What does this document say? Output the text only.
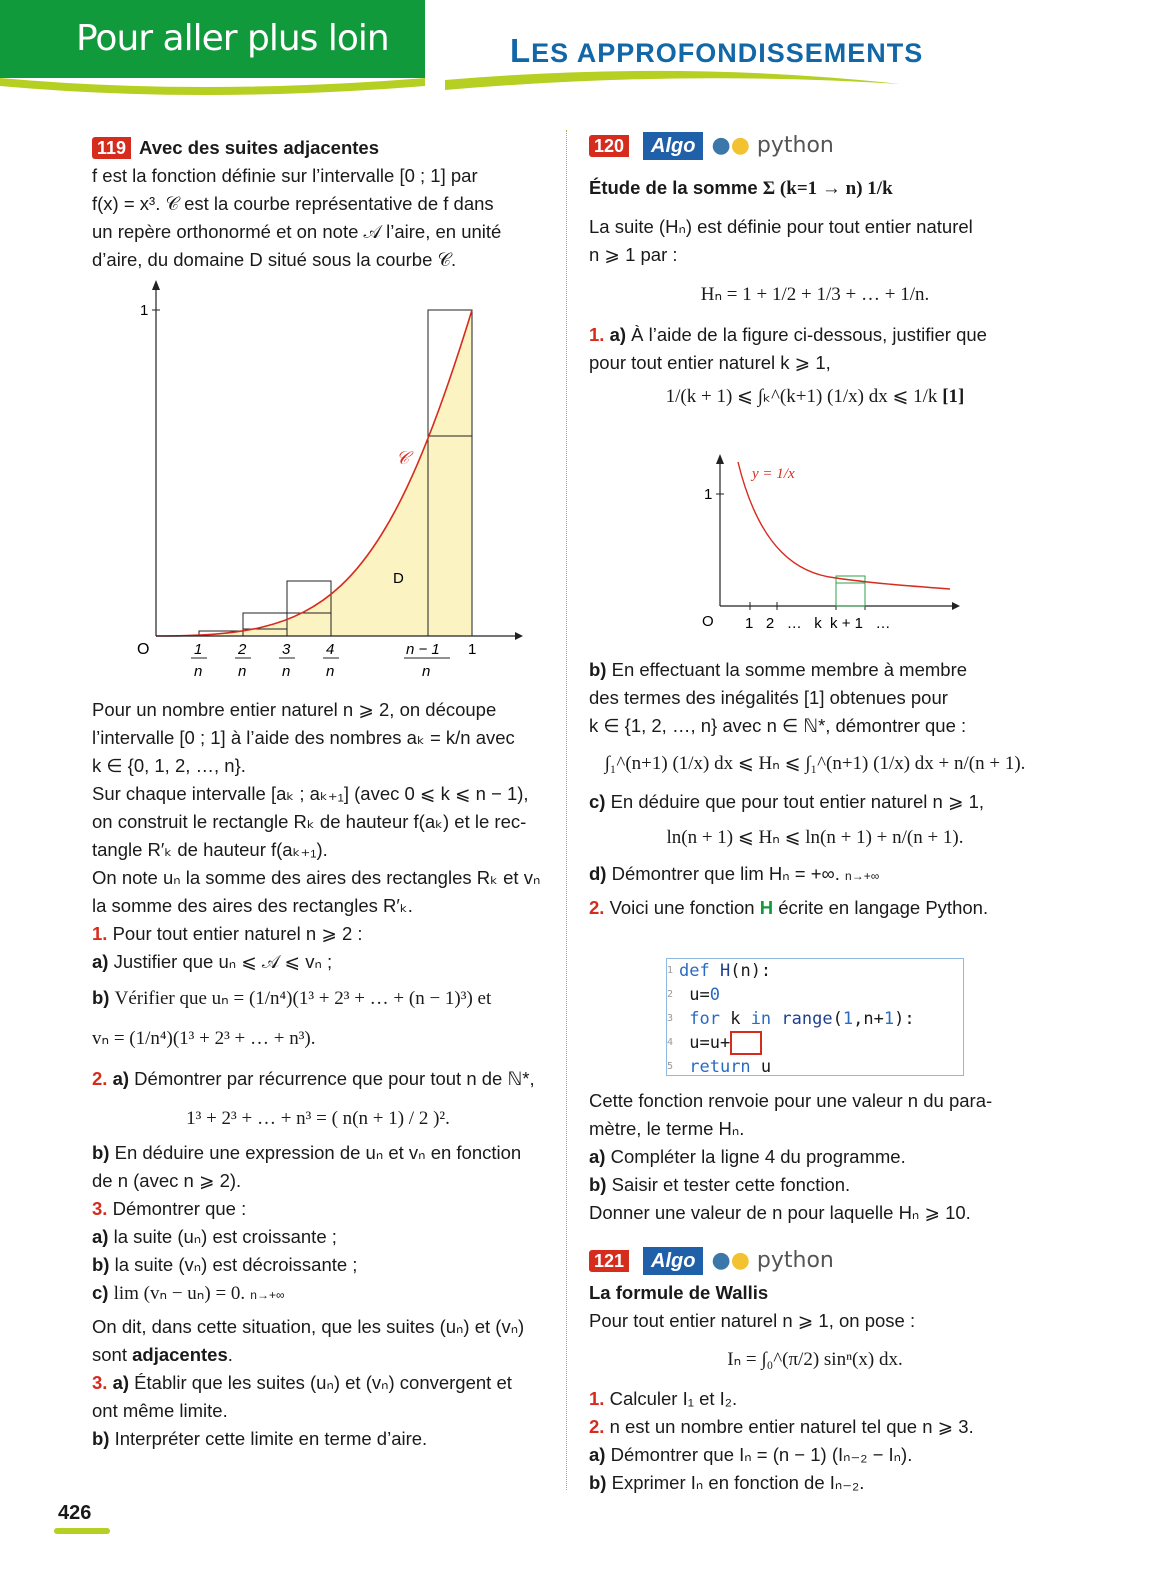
Pour aller plus loin	LES APPROFONDISSEMENTS

119 Avec des suites adjacentes

f est la fonction définie sur l’intervalle [0 ; 1] par

f(x) = x³. 𝒞 est la courbe représentative de f dans

un repère orthonormé et on note 𝒜 l’aire, en unité

d’aire, du domaine D situé sous la courbe 𝒞.

1
O
𝒞
D
1
n
2
n
3
n
4
n
n − 1
n
1

Pour un nombre entier naturel n ⩾ 2, on découpe

l’intervalle [0 ; 1] à l’aide des nombres aₖ = k/n avec

k ∈ {0, 1, 2, …, n}.

Sur chaque intervalle [aₖ ; aₖ₊₁] (avec 0 ⩽ k ⩽ n − 1),

on construit le rectangle Rₖ de hauteur f(aₖ) et le rec-

tangle R′ₖ de hauteur f(aₖ₊₁).

On note uₙ la somme des aires des rectangles Rₖ et vₙ

la somme des aires des rectangles R′ₖ.

1. Pour tout entier naturel n ⩾ 2 :

a) Justifier que uₙ ⩽ 𝒜 ⩽ vₙ ;

b) Vérifier que uₙ = (1/n⁴)(1³ + 2³ + … + (n − 1)³) et

vₙ = (1/n⁴)(1³ + 2³ + … + n³).

2. a) Démontrer par récurrence que pour tout n de ℕ*,

1³ + 2³ + … + n³ = ( n(n + 1) / 2 )².

b) En déduire une expression de uₙ et vₙ en fonction

de n (avec n ⩾ 2).

3. Démontrer que :

a) la suite (uₙ) est croissante ;

b) la suite (vₙ) est décroissante ;

c) lim (vₙ − uₙ) = 0. n→+∞

On dit, dans cette situation, que les suites (uₙ) et (vₙ)

sont adjacentes.

3. a) Établir que les suites (uₙ) et (vₙ) convergent et

ont même limite.

b) Interpréter cette limite en terme d’aire.

120 Algo ●● python

Étude de la somme Σ (k=1 → n) 1/k

La suite (Hₙ) est définie pour tout entier naturel

n ⩾ 1 par :

Hₙ = 1 + 1/2 + 1/3 + … + 1/n.

1. a) À l’aide de la figure ci-dessous, justifier que

pour tout entier naturel k ⩾ 1,

1/(k + 1) ⩽ ∫ₖ^(k+1) (1/x) dx ⩽ 1/k [1]

y = 1/x
1
O 1   2   …   k  k + 1   …

b) En effectuant la somme membre à membre

des termes des inégalités [1] obtenues pour

k ∈ {1, 2, …, n} avec n ∈ ℕ*, démontrer que :

∫₁^(n+1) (1/x) dx ⩽ Hₙ ⩽ ∫₁^(n+1) (1/x) dx + n/(n + 1).

c) En déduire que pour tout entier naturel n ⩾ 1,

ln(n + 1) ⩽ Hₙ ⩽ ln(n + 1) + n/(n + 1).

d) Démontrer que lim Hₙ = +∞. n→+∞

2. Voici une fonction H écrite en langage Python.

1 def H(n):
2 u=0
3 for k in range(1,n+1):
4 u=u+
5 return u

Cette fonction renvoie pour une valeur n du para-

mètre, le terme Hₙ.

a) Compléter la ligne 4 du programme.

b) Saisir et tester cette fonction.

Donner une valeur de n pour laquelle Hₙ ⩾ 10.

121 Algo ●● python

La formule de Wallis

Pour tout entier naturel n ⩾ 1, on pose :

Iₙ = ∫₀^(π/2) sinⁿ(x) dx.

1. Calculer I₁ et I₂.

2. n est un nombre entier naturel tel que n ⩾ 3.

a) Démontrer que Iₙ = (n − 1) (Iₙ₋₂ − Iₙ).

b) Exprimer Iₙ en fonction de Iₙ₋₂.

426
